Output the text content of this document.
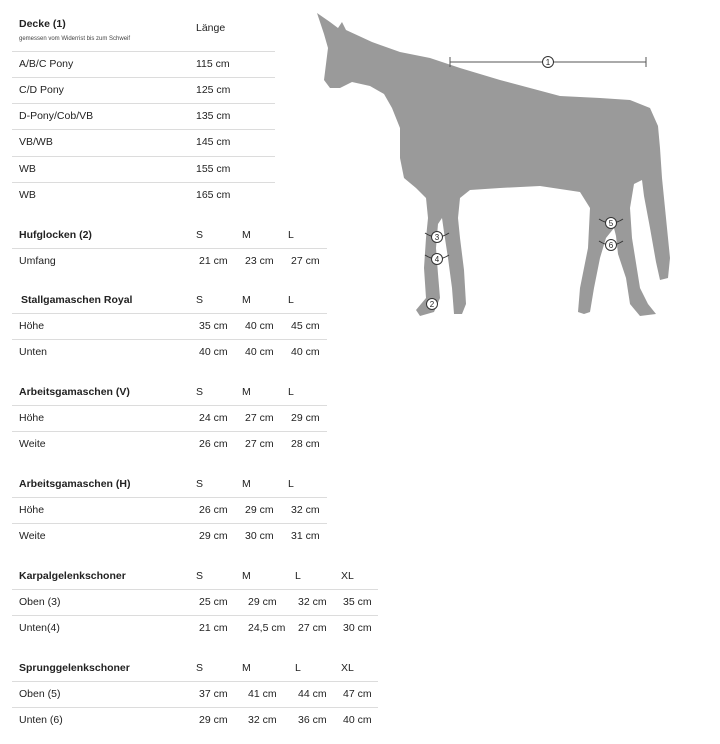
Decke (1)
gemessen vom Widerrist bis zum Schweif
Länge
A/B/C Pony	115 cm
C/D Pony	125 cm
D-Pony/Cob/VB	135 cm
VB/WB	145 cm
WB	155 cm
WB	165 cm
Hufglocken (2)	S	M	L
Umfang	21 cm 23 cm 27 cm
Stallgamaschen Royal	S	M	L
Höhe	35 cm 40 cm 45 cm
Unten	40 cm 40 cm 40 cm
Arbeitsgamaschen (V)	S	M	L
Höhe	24 cm 27 cm 29 cm
Weite	26 cm 27 cm 28 cm
Arbeitsgamaschen (H)	S	M	L
Höhe	26 cm 29 cm 32 cm
Weite	29 cm 30 cm 31 cm
Karpalgelenkschoner	S	M	L	XL
Oben (3)	25 cm 29 cm 32 cm 35 cm
Unten(4)	21 cm 24,5 cm 27 cm 30 cm
Sprunggelenkschoner	S	M	L	XL
Oben (5)	37 cm 41 cm 44 cm 47 cm
Unten (6)	29 cm 32 cm 36 cm 40 cm
1
2
3
4
5
6
